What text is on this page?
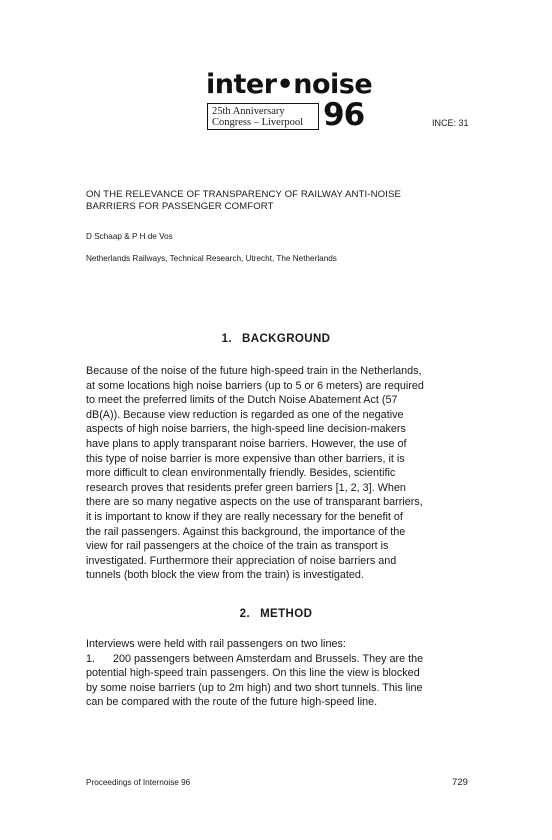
inter•noise
25th Anniversary
Congress – Liverpool 96	INCE: 31
ON THE RELEVANCE OF TRANSPARENCY OF RAILWAY ANTI-NOISE
BARRIERS FOR PASSENGER COMFORT
D Schaap & P H de Vos
Netherlands Railways, Technical Research, Utrecht, The Netherlands
1. BACKGROUND

Because of the noise of the future high-speed train in the Netherlands,
at some locations high noise barriers (up to 5 or 6 meters) are required
to meet the preferred limits of the Dutch Noise Abatement Act (57
dB(A)). Because view reduction is regarded as one of the negative
aspects of high noise barriers, the high-speed line decision-makers
have plans to apply transparant noise barriers. However, the use of
this type of noise barrier is more expensive than other barriers, it is
more difficult to clean environmentally friendly. Besides, scientific
research proves that residents prefer green barriers [1, 2, 3]. When
there are so many negative aspects on the use of transparant barriers,
it is important to know if they are really necessary for the benefit of
the rail passengers. Against this background, the importance of the
view for rail passengers at the choice of the train as transport is
investigated. Furthermore their appreciation of noise barriers and
tunnels (both block the view from the train) is investigated.

2. METHOD

Interviews were held with rail passengers on two lines:
1.      200 passengers between Amsterdam and Brussels. They are the
potential high-speed train passengers. On this line the view is blocked
by some noise barriers (up to 2m high) and two short tunnels. This line
can be compared with the route of the future high-speed line.

Proceedings of Internoise 96	729
